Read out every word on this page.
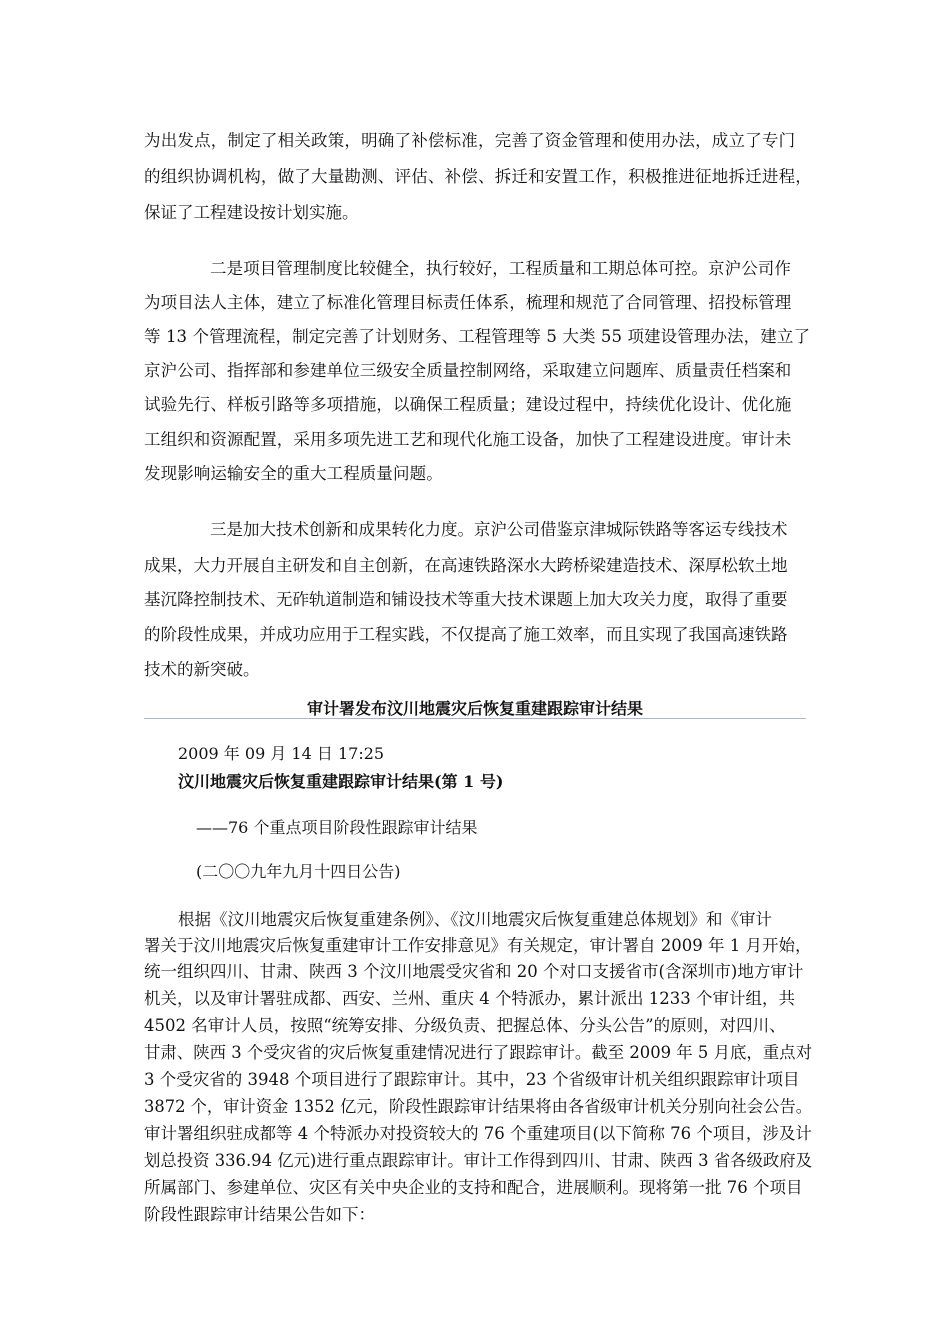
为出发点，制定了相关政策，明确了补偿标准，完善了资金管理和使用办法，成立了专门
的组织协调机构，做了大量勘测、评估、补偿、拆迁和安置工作，积极推进征地拆迁进程，
保证了工程建设按计划实施。
二是项目管理制度比较健全，执行较好，工程质量和工期总体可控。京沪公司作
为项目法人主体，建立了标准化管理目标责任体系，梳理和规范了合同管理、招投标管理
等 13 个管理流程，制定完善了计划财务、工程管理等 5 大类 55 项建设管理办法，建立了
京沪公司、指挥部和参建单位三级安全质量控制网络，采取建立问题库、质量责任档案和
试验先行、样板引路等多项措施，以确保工程质量；建设过程中，持续优化设计、优化施
工组织和资源配置，采用多项先进工艺和现代化施工设备，加快了工程建设进度。审计未
发现影响运输安全的重大工程质量问题。
三是加大技术创新和成果转化力度。京沪公司借鉴京津城际铁路等客运专线技术
成果，大力开展自主研发和自主创新，在高速铁路深水大跨桥梁建造技术、深厚松软土地
基沉降控制技术、无砟轨道制造和铺设技术等重大技术课题上加大攻关力度，取得了重要
的阶段性成果，并成功应用于工程实践，不仅提高了施工效率，而且实现了我国高速铁路
技术的新突破。
审计署发布汶川地震灾后恢复重建跟踪审计结果
2009 年 09 月 14 日 17:25
汶川地震灾后恢复重建跟踪审计结果(第 1 号)
——76 个重点项目阶段性跟踪审计结果
(二〇〇九年九月十四日公告)
根据《汶川地震灾后恢复重建条例》、《汶川地震灾后恢复重建总体规划》和《审计
署关于汶川地震灾后恢复重建审计工作安排意见》有关规定，审计署自 2009 年 1 月开始，
统一组织四川、甘肃、陕西 3 个汶川地震受灾省和 20 个对口支援省市(含深圳市)地方审计
机关，以及审计署驻成都、西安、兰州、重庆 4 个特派办，累计派出 1233 个审计组，共
4502 名审计人员，按照“统筹安排、分级负责、把握总体、分头公告”的原则，对四川、
甘肃、陕西 3 个受灾省的灾后恢复重建情况进行了跟踪审计。截至 2009 年 5 月底，重点对
3 个受灾省的 3948 个项目进行了跟踪审计。其中，23 个省级审计机关组织跟踪审计项目
3872 个，审计资金 1352 亿元，阶段性跟踪审计结果将由各省级审计机关分别向社会公告。
审计署组织驻成都等 4 个特派办对投资较大的 76 个重建项目(以下简称 76 个项目，涉及计
划总投资 336.94 亿元)进行重点跟踪审计。审计工作得到四川、甘肃、陕西 3 省各级政府及
所属部门、参建单位、灾区有关中央企业的支持和配合，进展顺利。现将第一批 76 个项目
阶段性跟踪审计结果公告如下：
